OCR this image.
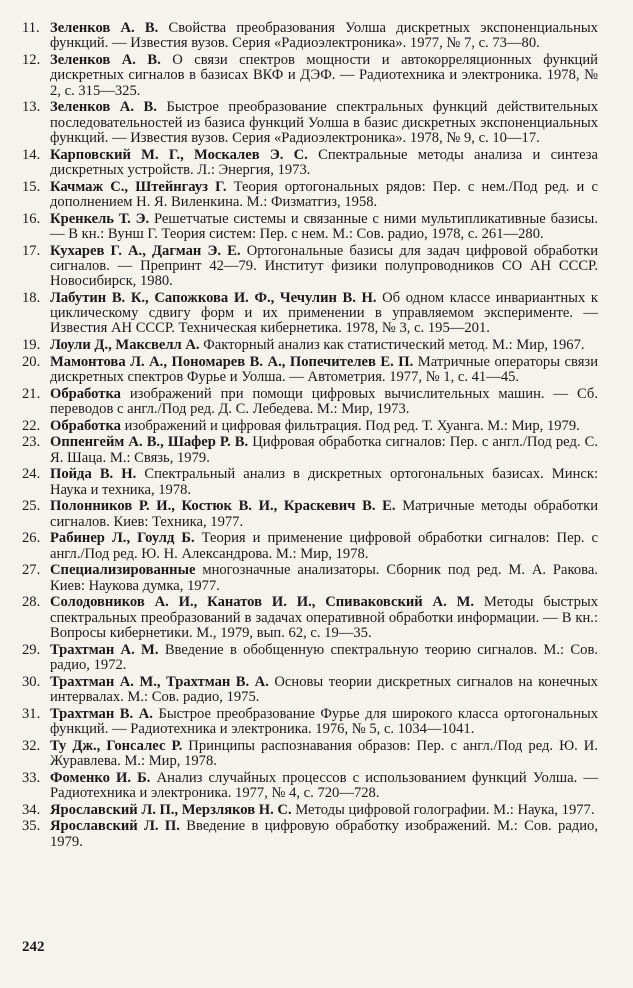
11. Зеленков А. В. Свойства преобразования Уолша дискретных экспоненциальных функций. — Известия вузов. Серия «Радиоэлектроника». 1977, № 7, с. 73—80.
12. Зеленков А. В. О связи спектров мощности и автокорреляционных функций дискретных сигналов в базисах ВКФ и ДЭФ. — Радиотехника и электроника. 1978, № 2, с. 315—325.
13. Зеленков А. В. Быстрое преобразование спектральных функций действительных последовательностей из базиса функций Уолша в базис дискретных экспоненциальных функций. — Известия вузов. Серия «Радиоэлектроника». 1978, № 9, с. 10—17.
14. Карповский М. Г., Москалев Э. С. Спектральные методы анализа и синтеза дискретных устройств. Л.: Энергия, 1973.
15. Качмаж С., Штейнгауз Г. Теория ортогональных рядов: Пер. с нем./Под ред. и с дополнением Н. Я. Виленкина. М.: Физматгиз, 1958.
16. Кренкель Т. Э. Решетчатые системы и связанные с ними мультипликативные базисы. — В кн.: Вунш Г. Теория систем: Пер. с нем. М.: Сов. радио, 1978, с. 261—280.
17. Кухарев Г. А., Дагман Э. Е. Ортогональные базисы для задач цифровой обработки сигналов. — Препринт 42—79. Институт физики полупроводников СО АН СССР. Новосибирск, 1980.
18. Лабутин В. К., Сапожкова И. Ф., Чечулин В. Н. Об одном классе инвариантных к циклическому сдвигу форм и их применении в управляемом эксперименте. — Известия АН СССР. Техническая кибернетика. 1978, № 3, с. 195—201.
19. Лоули Д., Максвелл А. Факторный анализ как статистический метод. М.: Мир, 1967.
20. Мамонтова Л. А., Пономарев В. А., Попечителев Е. П. Матричные операторы связи дискретных спектров Фурье и Уолша. — Автометрия. 1977, № 1, с. 41—45.
21. Обработка изображений при помощи цифровых вычислительных машин. — Сб. переводов с англ./Под ред. Д. С. Лебедева. М.: Мир, 1973.
22. Обработка изображений и цифровая фильтрация. Под ред. Т. Хуанга. М.: Мир, 1979.
23. Оппенгейм А. В., Шафер Р. В. Цифровая обработка сигналов: Пер. с англ./Под ред. С. Я. Шаца. М.: Связь, 1979.
24. Пойда В. Н. Спектральный анализ в дискретных ортогональных базисах. Минск: Наука и техника, 1978.
25. Полонников Р. И., Костюк В. И., Краскевич В. Е. Матричные методы обработки сигналов. Киев: Техника, 1977.
26. Рабинер Л., Гоулд Б. Теория и применение цифровой обработки сигналов: Пер. с англ./Под ред. Ю. Н. Александрова. М.: Мир, 1978.
27. Специализированные многозначные анализаторы. Сборник под ред. М. А. Ракова. Киев: Наукова думка, 1977.
28. Солодовников А. И., Канатов И. И., Спиваковский А. М. Методы быстрых спектральных преобразований в задачах оперативной обработки информации. — В кн.: Вопросы кибернетики. М., 1979, вып. 62, с. 19—35.
29. Трахтман А. М. Введение в обобщенную спектральную теорию сигналов. М.: Сов. радио, 1972.
30. Трахтман А. М., Трахтман В. А. Основы теории дискретных сигналов на конечных интервалах. М.: Сов. радио, 1975.
31. Трахтман В. А. Быстрое преобразование Фурье для широкого класса ортогональных функций. — Радиотехника и электроника. 1976, № 5, с. 1034—1041.
32. Ту Дж., Гонсалес Р. Принципы распознавания образов: Пер. с англ./Под ред. Ю. И. Журавлева. М.: Мир, 1978.
33. Фоменко И. Б. Анализ случайных процессов с использованием функций Уолша. — Радиотехника и электроника. 1977, № 4, с. 720—728.
34. Ярославский Л. П., Мерзляков Н. С. Методы цифровой голографии. М.: Наука, 1977.
35. Ярославский Л. П. Введение в цифровую обработку изображений. М.: Сов. радио, 1979.
242
